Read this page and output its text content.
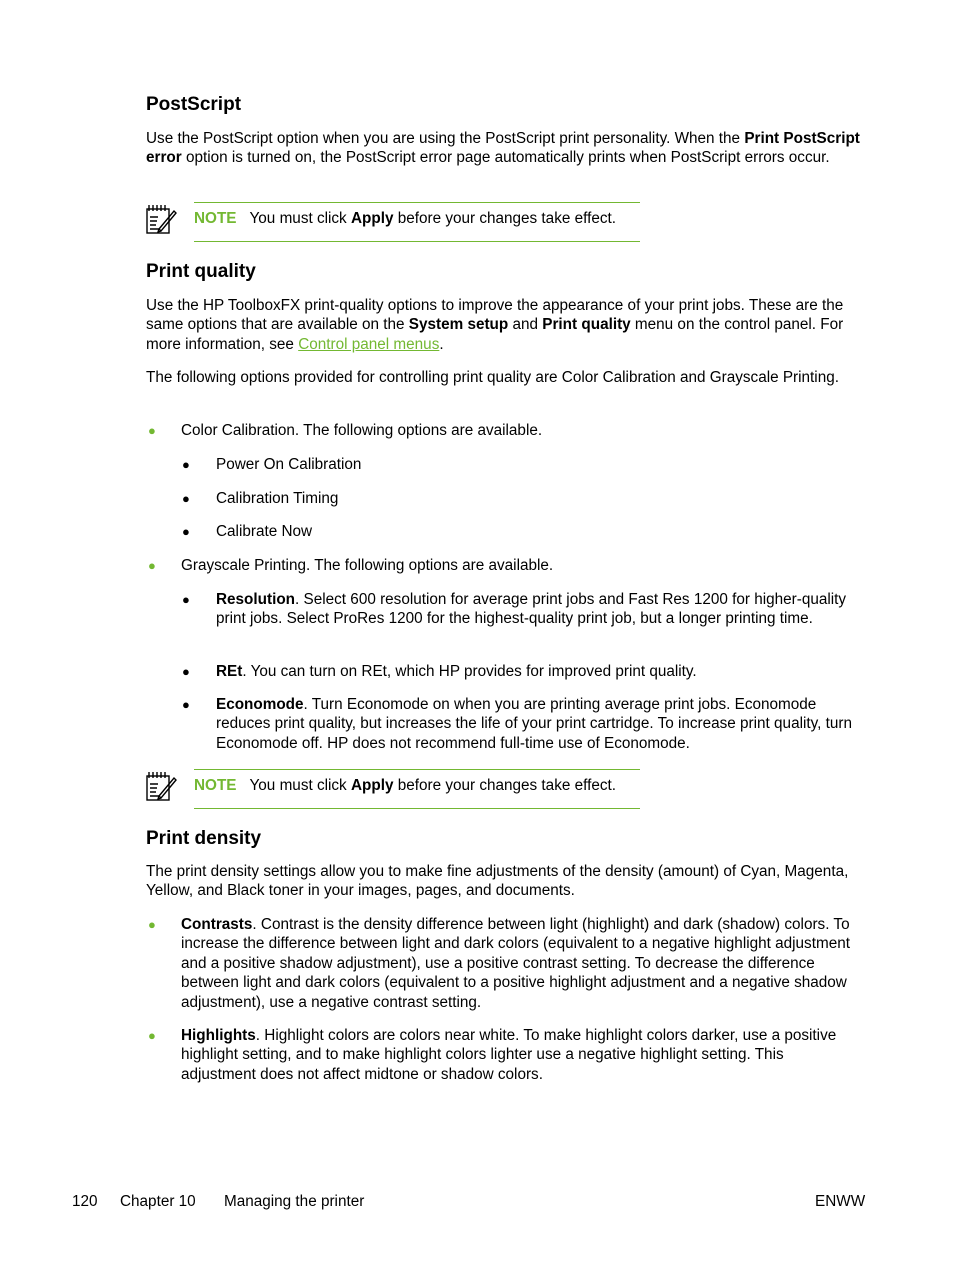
PostScript

Use the PostScript option when you are using the PostScript print personality. When the Print PostScript error option is turned on, the PostScript error page automatically prints when PostScript errors occur.

NOTE You must click Apply before your changes take effect.
Print quality

Use the HP ToolboxFX print-quality options to improve the appearance of your print jobs. These are the same options that are available on the System setup and Print quality menu on the control panel. For more information, see Control panel menus.

The following options provided for controlling print quality are Color Calibration and Grayscale Printing.

● Color Calibration. The following options are available.

● Power On Calibration

● Calibration Timing

● Calibrate Now

● Grayscale Printing. The following options are available.

● Resolution. Select 600 resolution for average print jobs and Fast Res 1200 for higher-quality print jobs. Select ProRes 1200 for the highest-quality print job, but a longer printing time.

● REt. You can turn on REt, which HP provides for improved print quality.

● Economode. Turn Economode on when you are printing average print jobs. Economode reduces print quality, but increases the life of your print cartridge. To increase print quality, turn Economode off. HP does not recommend full-time use of Economode.

NOTE You must click Apply before your changes take effect.
Print density

The print density settings allow you to make fine adjustments of the density (amount) of Cyan, Magenta, Yellow, and Black toner in your images, pages, and documents.

● Contrasts. Contrast is the density difference between light (highlight) and dark (shadow) colors. To increase the difference between light and dark colors (equivalent to a negative highlight adjustment and a positive shadow adjustment), use a positive contrast setting. To decrease the difference between light and dark colors (equivalent to a positive highlight adjustment and a negative shadow adjustment), use a negative contrast setting.

● Highlights. Highlight colors are colors near white. To make highlight colors darker, use a positive highlight setting, and to make highlight colors lighter use a negative highlight setting. This adjustment does not affect midtone or shadow colors.

120 Chapter 10 Managing the printer	ENWW
